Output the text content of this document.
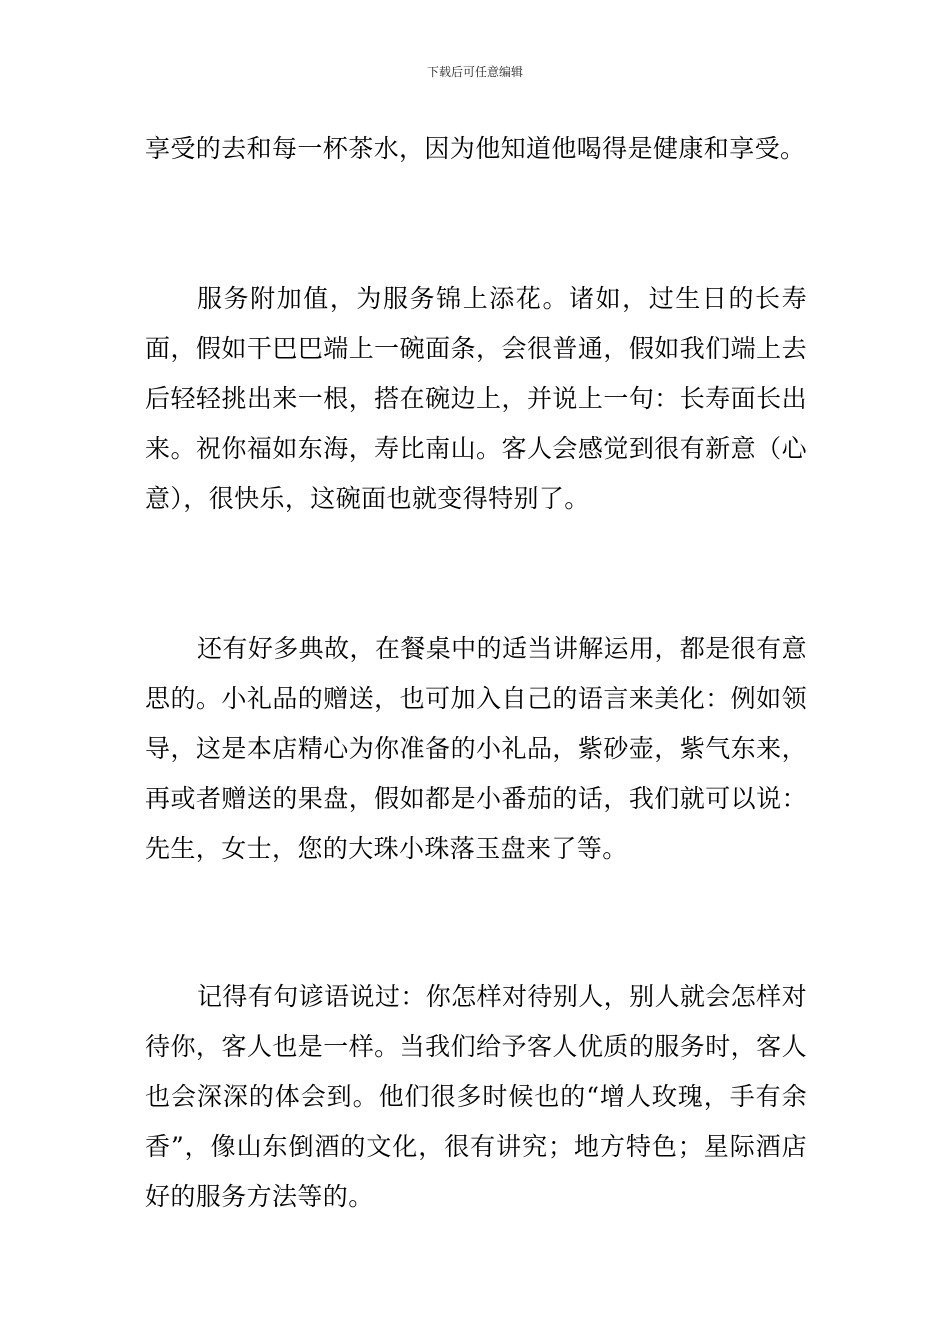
下载后可任意编辑

享受的去和每一杯茶水，因为他知道他喝得是健康和享受。

服务附加值，为服务锦上添花。诸如，过生日的长寿面，假如干巴巴端上一碗面条，会很普通，假如我们端上去后轻轻挑出来一根，搭在碗边上，并说上一句：长寿面长出来。祝你福如东海，寿比南山。客人会感觉到很有新意（心意），很快乐，这碗面也就变得特别了。

还有好多典故，在餐桌中的适当讲解运用，都是很有意思的。小礼品的赠送，也可加入自己的语言来美化：例如领导，这是本店精心为你准备的小礼品，紫砂壶，紫气东来，再或者赠送的果盘，假如都是小番茄的话，我们就可以说：先生，女士，您的大珠小珠落玉盘来了等。

记得有句谚语说过：你怎样对待别人，别人就会怎样对待你，客人也是一样。当我们给予客人优质的服务时，客人也会深深的体会到。他们很多时候也的“增人玫瑰，手有余香”，像山东倒酒的文化，很有讲究；地方特色；星际酒店好的服务方法等的。
